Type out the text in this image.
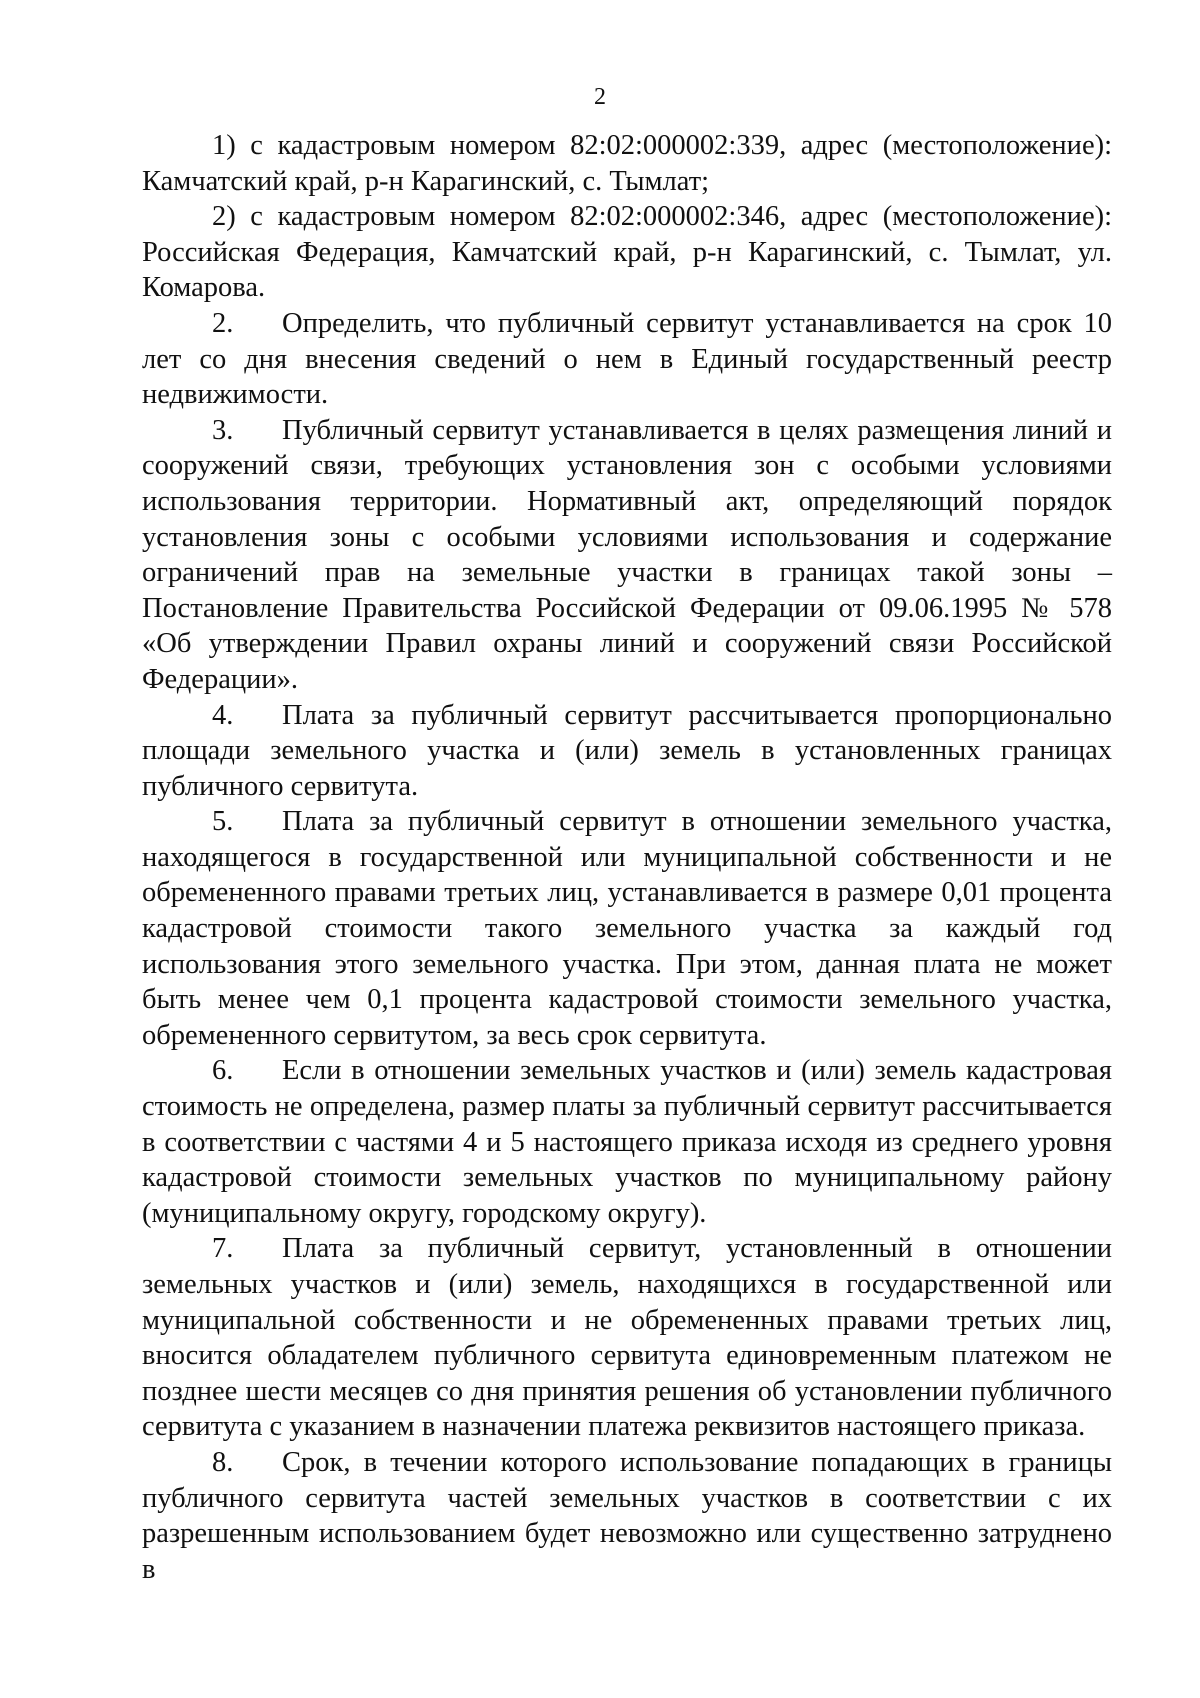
2

1) с кадастровым номером 82:02:000002:339, адрес (местоположение): Камчатский край, р-н Карагинский, с. Тымлат;

2) с кадастровым номером 82:02:000002:346, адрес (местоположение): Российская Федерация, Камчатский край, р-н Карагинский, с. Тымлат, ул. Комарова.

2. Определить, что публичный сервитут устанавливается на срок 10 лет со дня внесения сведений о нем в Единый государственный реестр недвижимости.

3. Публичный сервитут устанавливается в целях размещения линий и сооружений связи, требующих установления зон с особыми условиями использования территории. Нормативный акт, определяющий порядок установления зоны с особыми условиями использования и содержание ограничений прав на земельные участки в границах такой зоны – Постановление Правительства Российской Федерации от 09.06.1995 № 578 «Об утверждении Правил охраны линий и сооружений связи Российской Федерации».

4. Плата за публичный сервитут рассчитывается пропорционально площади земельного участка и (или) земель в установленных границах публичного сервитута.

5. Плата за публичный сервитут в отношении земельного участка, находящегося в государственной или муниципальной собственности и не обремененного правами третьих лиц, устанавливается в размере 0,01 процента кадастровой стоимости такого земельного участка за каждый год использования этого земельного участка. При этом, данная плата не может быть менее чем 0,1 процента кадастровой стоимости земельного участка, обремененного сервитутом, за весь срок сервитута.

6. Если в отношении земельных участков и (или) земель кадастровая стоимость не определена, размер платы за публичный сервитут рассчитывается в соответствии с частями 4 и 5 настоящего приказа исходя из среднего уровня кадастровой стоимости земельных участков по муниципальному району (муниципальному округу, городскому округу).

7. Плата за публичный сервитут, установленный в отношении земельных участков и (или) земель, находящихся в государственной или муниципальной собственности и не обремененных правами третьих лиц, вносится обладателем публичного сервитута единовременным платежом не позднее шести месяцев со дня принятия решения об установлении публичного сервитута с указанием в назначении платежа реквизитов настоящего приказа.

8. Срок, в течении которого использование попадающих в границы публичного сервитута частей земельных участков в соответствии с их разрешенным использованием будет невозможно или существенно затруднено в
